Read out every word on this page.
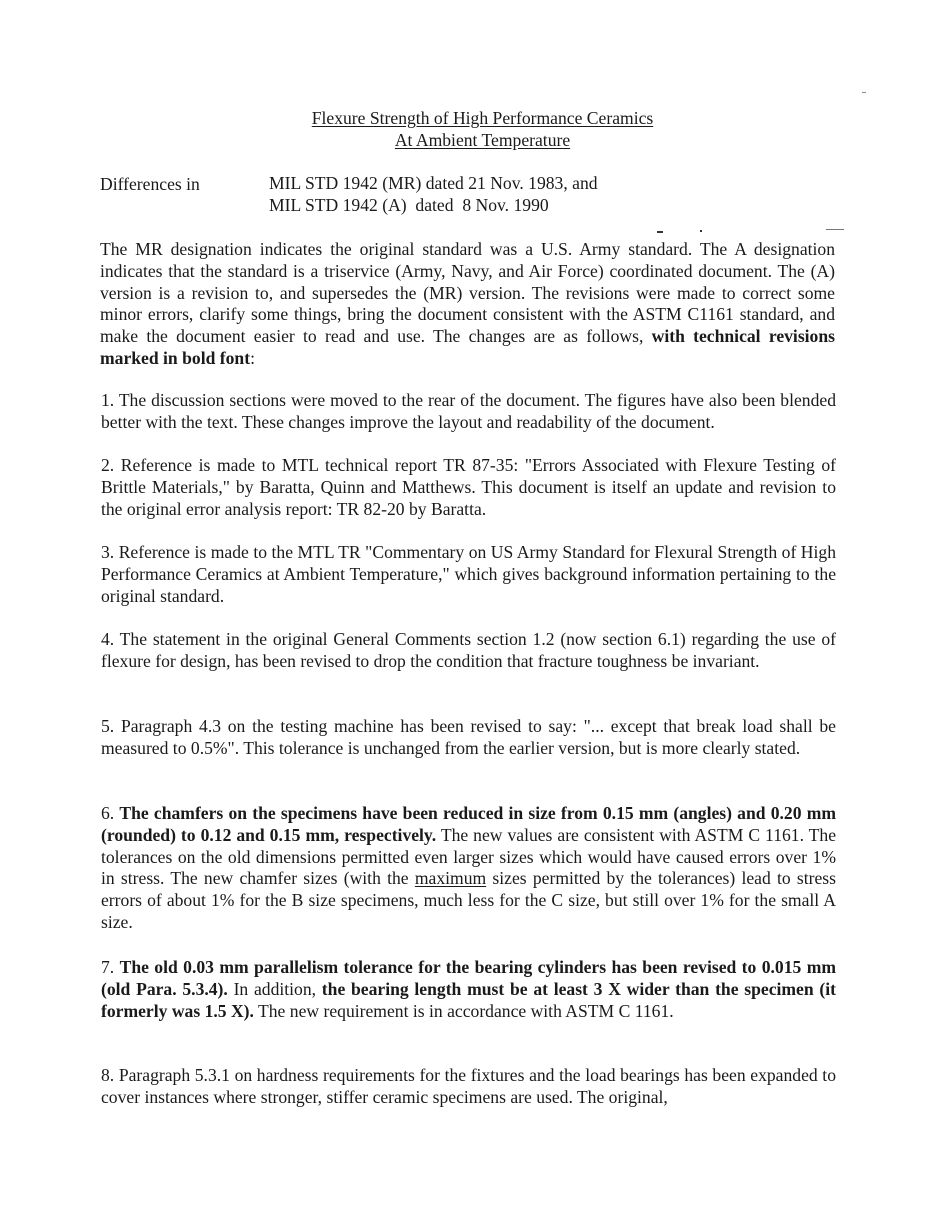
Flexure Strength of High Performance Ceramics
At Ambient Temperature
Differences in	MIL STD 1942 (MR) dated 21 Nov. 1983, and
MIL STD 1942 (A)  dated  8 Nov. 1990
The MR designation indicates the original standard was a U.S. Army standard. The A designation indicates that the standard is a triservice (Army, Navy, and Air Force) coordinated document. The (A) version is a revision to, and supersedes the (MR) version. The revisions were made to correct some minor errors, clarify some things, bring the document consistent with the ASTM C1161 standard, and make the document easier to read and use. The changes are as follows, with technical revisions marked in bold font:
1. The discussion sections were moved to the rear of the document. The figures have also been blended better with the text. These changes improve the layout and readability of the document.
2. Reference is made to MTL technical report TR 87-35: "Errors Associated with Flexure Testing of Brittle Materials," by Baratta, Quinn and Matthews. This document is itself an update and revision to the original error analysis report: TR 82-20 by Baratta.
3. Reference is made to the MTL TR "Commentary on US Army Standard for Flexural Strength of High Performance Ceramics at Ambient Temperature," which gives background information pertaining to the original standard.
4. The statement in the original General Comments section 1.2 (now section 6.1) regarding the use of flexure for design, has been revised to drop the condition that fracture toughness be invariant.
5. Paragraph 4.3 on the testing machine has been revised to say: "... except that break load shall be measured to 0.5%". This tolerance is unchanged from the earlier version, but is more clearly stated.
6. The chamfers on the specimens have been reduced in size from 0.15 mm (angles) and 0.20 mm (rounded) to 0.12 and 0.15 mm, respectively. The new values are consistent with ASTM C 1161. The tolerances on the old dimensions permitted even larger sizes which would have caused errors over 1% in stress. The new chamfer sizes (with the maximum sizes permitted by the tolerances) lead to stress errors of about 1% for the B size specimens, much less for the C size, but still over 1% for the small A size.
7. The old 0.03 mm parallelism tolerance for the bearing cylinders has been revised to 0.015 mm (old Para. 5.3.4). In addition, the bearing length must be at least 3 X wider than the specimen (it formerly was 1.5 X). The new requirement is in accordance with ASTM C 1161.
8. Paragraph 5.3.1 on hardness requirements for the fixtures and the load bearings has been expanded to cover instances where stronger, stiffer ceramic specimens are used. The original,
